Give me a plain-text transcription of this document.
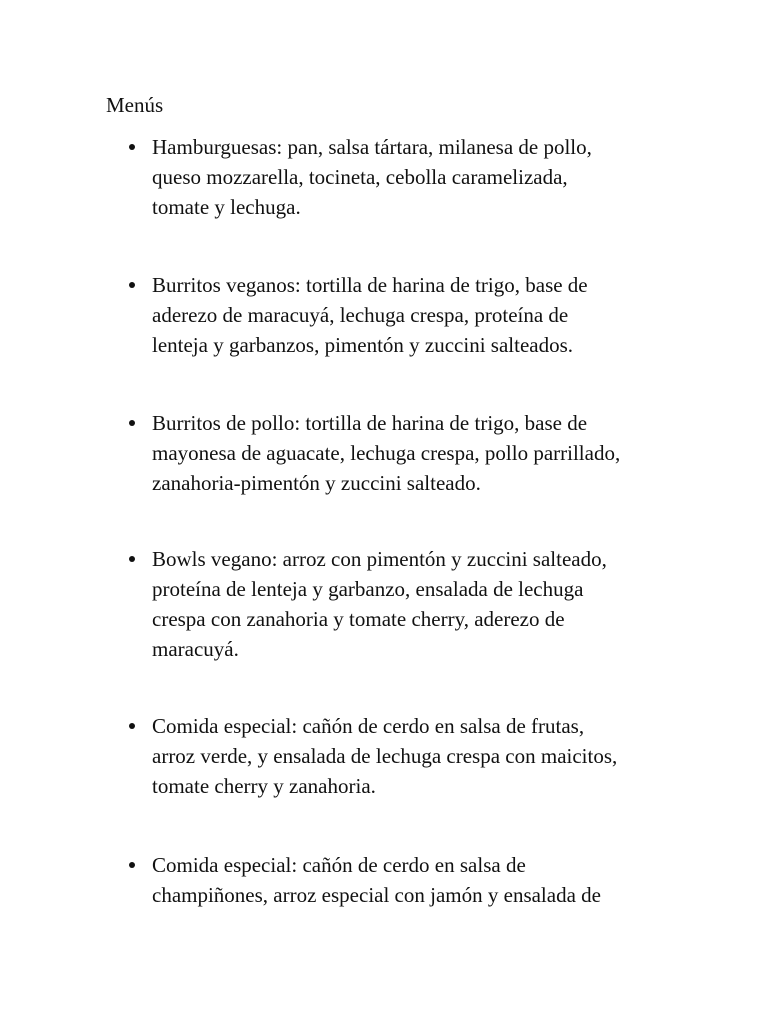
Menús
Hamburguesas: pan, salsa tártara, milanesa de pollo,
queso mozzarella, tocineta, cebolla caramelizada,
tomate y lechuga.
Burritos veganos: tortilla de harina de trigo, base de
aderezo de maracuyá, lechuga crespa, proteína de
lenteja y garbanzos, pimentón y zuccini salteados.
Burritos de pollo: tortilla de harina de trigo, base de
mayonesa de aguacate, lechuga crespa, pollo parrillado,
zanahoria-pimentón y zuccini salteado.
Bowls vegano: arroz con pimentón y zuccini salteado,
proteína de lenteja y garbanzo, ensalada de lechuga
crespa con zanahoria y tomate cherry, aderezo de
maracuyá.
Comida especial: cañón de cerdo en salsa de frutas,
arroz verde, y ensalada de lechuga crespa con maicitos,
tomate cherry y zanahoria.
Comida especial: cañón de cerdo en salsa de
champiñones, arroz especial con jamón y ensalada de
